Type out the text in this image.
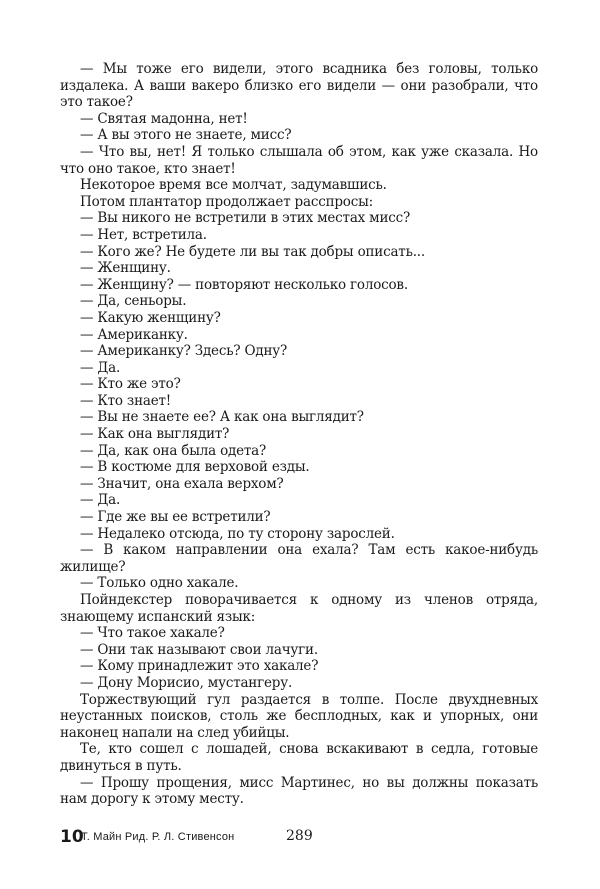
— Мы тоже его видели, этого всадника без головы, только издалека. А ваши вакеро близко его видели — они разобрали, что это такое?

— Святая мадонна, нет!

— А вы этого не знаете, мисс?

— Что вы, нет! Я только слышала об этом, как уже сказала. Но что оно такое, кто знает!

Некоторое время все молчат, задумавшись.

Потом плантатор продолжает расспросы:

— Вы никого не встретили в этих местах мисс?

— Нет, встретила.

— Кого же? Не будете ли вы так добры описать...

— Женщину.

— Женщину? — повторяют несколько голосов.

— Да, сеньоры.

— Какую женщину?

— Американку.

— Американку? Здесь? Одну?

— Да.

— Кто же это?

— Кто знает!

— Вы не знаете ее? А как она выглядит?

— Как она выглядит?

— Да, как она была одета?

— В костюме для верховой езды.

— Значит, она ехала верхом?

— Да.

— Где же вы ее встретили?

— Недалеко отсюда, по ту сторону зарослей.

— В каком направлении она ехала? Там есть какое-нибудь жилище?

— Только одно хакале.

Пойндекстер поворачивается к одному из членов отряда, знающему испанский язык:

— Что такое хакале?

— Они так называют свои лачуги.

— Кому принадлежит это хакале?

— Дону Морисио, мустангеру.

Торжествующий гул раздается в толпе. После двухдневных неустанных поисков, столь же бесплодных, как и упорных, они наконец напали на след убийцы.

Те, кто сошел с лошадей, снова вскакивают в седла, готовые двинуться в путь.

— Прошу прощения, мисс Мартинес, но вы должны показать нам дорогу к этому месту.

10
Т. Майн Рид. Р. Л. Стивенсон	289
